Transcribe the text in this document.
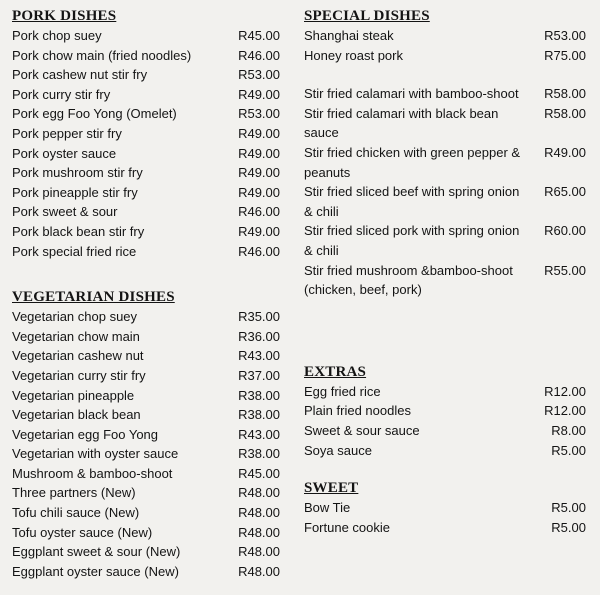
PORK DISHES
Pork chop suey	R45.00
Pork chow main (fried noodles)	R46.00
Pork cashew nut stir fry	R53.00
Pork curry stir fry	R49.00
Pork egg Foo Yong (Omelet)	R53.00
Pork pepper stir fry	R49.00
Pork oyster sauce	R49.00
Pork mushroom stir fry	R49.00
Pork pineapple stir fry	R49.00
Pork sweet & sour	R46.00
Pork black bean stir fry	R49.00
Pork special fried rice	R46.00
VEGETARIAN DISHES
Vegetarian chop suey	R35.00
Vegetarian chow main	R36.00
Vegetarian cashew nut	R43.00
Vegetarian curry stir fry	R37.00
Vegetarian pineapple	R38.00
Vegetarian black bean	R38.00
Vegetarian egg Foo Yong	R43.00
Vegetarian with oyster sauce	R38.00
Mushroom & bamboo-shoot	R45.00
Three partners (New)	R48.00
Tofu chili sauce (New)	R48.00
Tofu oyster sauce (New)	R48.00
Eggplant sweet & sour (New)	R48.00
Eggplant oyster sauce (New)	R48.00
SPECIAL DISHES
Shanghai steak	R53.00
Honey roast pork	R75.00
Stir fried calamari with bamboo-shoot	R58.00
Stir fried calamari with black bean sauce
R58.00
Stir fried chicken with green pepper & peanuts
R49.00
Stir fried sliced beef with spring onion & chili
R65.00
Stir fried sliced pork with spring onion & chili
R60.00
Stir fried mushroom &bamboo-shoot (chicken, beef, pork)
R55.00
EXTRAS
Egg fried rice	R12.00
Plain fried noodles	R12.00
Sweet & sour sauce	R8.00
Soya sauce	R5.00
SWEET
Bow Tie	R5.00
Fortune cookie	R5.00
